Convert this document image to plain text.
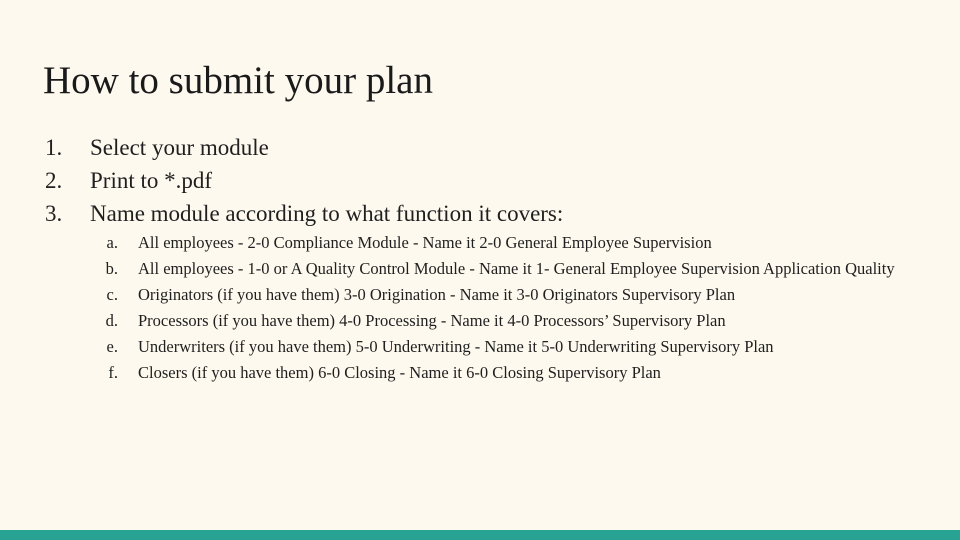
How to submit your plan
1. Select your module
2. Print to *.pdf
3. Name module according to what function it covers:
a. All employees - 2-0 Compliance Module - Name it 2-0 General Employee Supervision
b. All employees - 1-0 or A Quality Control Module - Name it 1- General Employee Supervision Application Quality
c. Originators (if you have them) 3-0 Origination - Name it 3-0 Originators Supervisory Plan
d. Processors (if you have them) 4-0 Processing - Name it 4-0 Processors’ Supervisory Plan
e. Underwriters (if you have them) 5-0 Underwriting - Name it 5-0 Underwriting Supervisory Plan
f. Closers (if you have them) 6-0 Closing - Name it 6-0 Closing Supervisory Plan
